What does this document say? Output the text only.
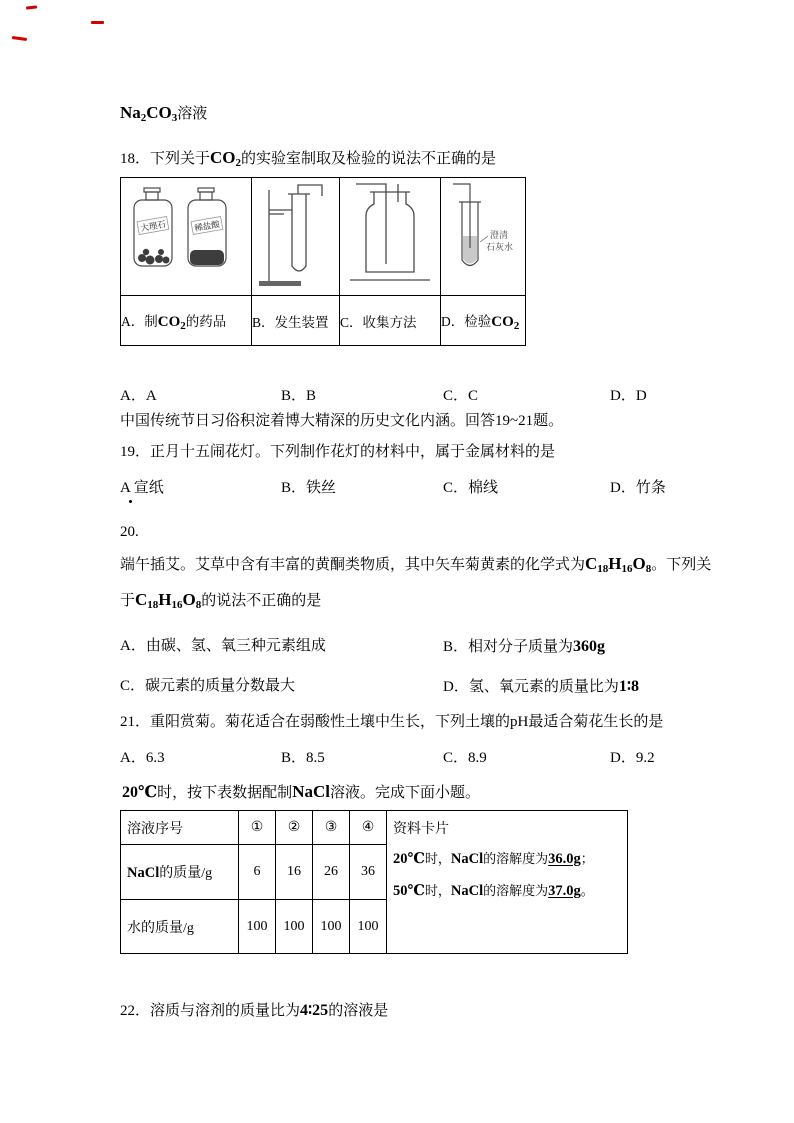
$Na_2CO_3$溶液
18．下列关于$CO_2$的实验室制取及检验的说法不正确的是
大理石 稀盐酸			澄清
石灰水

A．制$CO_2$的药品	B．发生装置	C．收集方法	D．检验$CO_2$
A．A	B．B	C．C	D．D
中国传统节日习俗积淀着博大精深的历史文化内涵。回答19~21题。
19．正月十五闹花灯。下列制作花灯的材料中，属于金属材料的是
A 宣纸	B．铁丝	C．棉线	D．竹条
20.
端午插艾。艾草中含有丰富的黄酮类物质，其中矢车菊黄素的化学式为$C_{18}H_{16}O_8$。下列关
于$C_{18}H_{16}O_8$的说法不正确的是
A．由碳、氢、氧三种元素组成	B．相对分子质量为360g
C．碳元素的质量分数最大	D．氢、氧元素的质量比为1∶8
21．重阳赏菊。菊花适合在弱酸性土壤中生长，下列土壤的pH最适合菊花生长的是
A．6.3	B．8.5	C．8.9	D．9.2
20℃时，按下表数据配制NaCl溶液。完成下面小题。
溶液序号	①	②	③	④	资料卡片
20℃时，NaCl的溶解度为36.0g；
50℃时，NaCl的溶解度为37.0g。

NaCl的质量/g	6	16	26	36	
水的质量/g	100	100	100	100	
22．溶质与溶剂的质量比为4∶25的溶液是
